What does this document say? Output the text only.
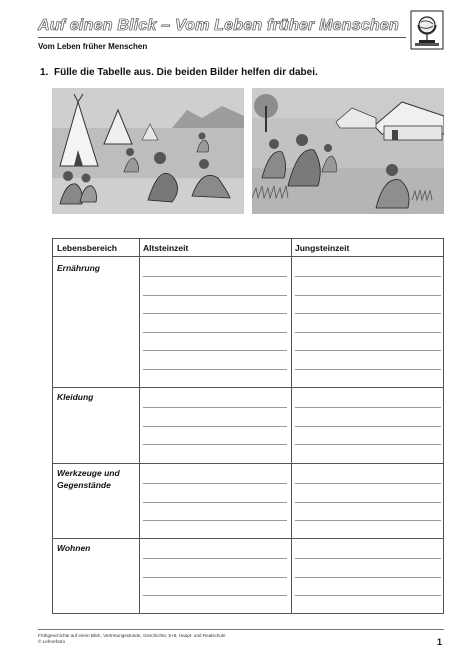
Auf einen Blick – Vom Leben früher Menschen
Vom Leben früher Menschen
1. Fülle die Tabelle aus. Die beiden Bilder helfen dir dabei.
Lebensbereich	Altsteinzeit	Jungsteinzeit
Ernährung
Kleidung
Werkzeuge und
Gegenstände
Wohnen
Frühgeschichte auf einen Blick, Vertretungsstunde, Geschichte, 5+6, Haupt- und Realschule
© Lehrerbüro	1
